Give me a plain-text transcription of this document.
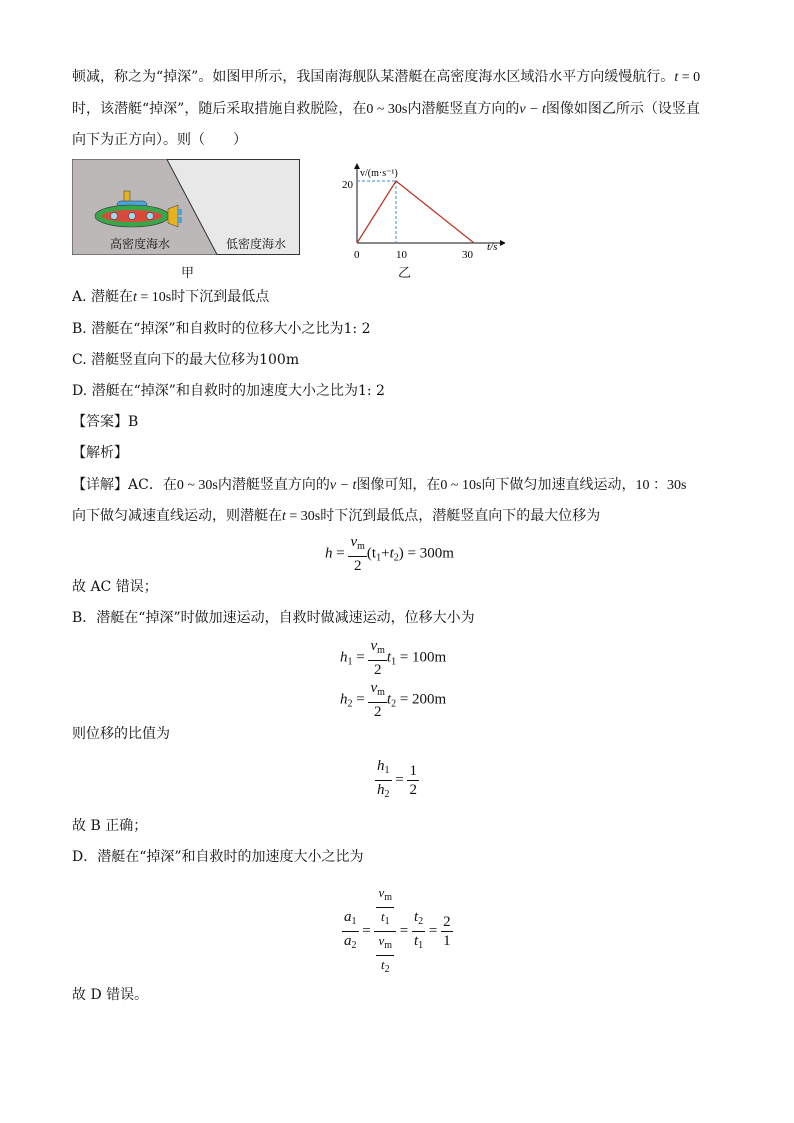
顿减，称之为“掉深”。如图甲所示，我国南海舰队某潜艇在高密度海水区域沿水平方向缓慢航行。t = 0
时，该潜艇“掉深”，随后采取措施自救脱险，在0 ~ 30s内潜艇竖直方向的v − t图像如图乙所示（设竖直
向下为正方向）。则（　　）
高密度海水	低密度海水
甲
v/(m·s⁻¹)
20
0	10	30
t/s
乙
A. 潜艇在t = 10s时下沉到最低点
B. 潜艇在“掉深”和自救时的位移大小之比为1: 2
C. 潜艇竖直向下的最大位移为100m
D. 潜艇在“掉深”和自救时的加速度大小之比为1: 2
【答案】B
【解析】
【详解】AC．在0 ~ 30s内潜艇竖直方向的v − t图像可知，在0 ~ 10s向下做匀加速直线运动，10 ：30s
向下做匀减速直线运动，则潜艇在t = 30s时下沉到最低点，潜艇竖直向下的最大位移为
$h = \frac{v_m}{2} (t_1+t_2) = 300m$
故 AC 错误；
B．潜艇在“掉深”时做加速运动，自救时做减速运动，位移大小为
$h_1 = \frac{v_m}{2} t_1 = 100m$
$h_2 = \frac{v_m}{2} t_2 = 200m$
则位移的比值为
$\frac{h_1}{h_2} = \frac{1}{2}$
故 B 正确；
D．潜艇在“掉深”和自救时的加速度大小之比为
$\frac{a_1}{a_2} = \frac{\frac{v_m}{t_1}}{\frac{v_m}{t_2}} = \frac{t_2}{t_1} = \frac{2}{1}$
故 D 错误。
